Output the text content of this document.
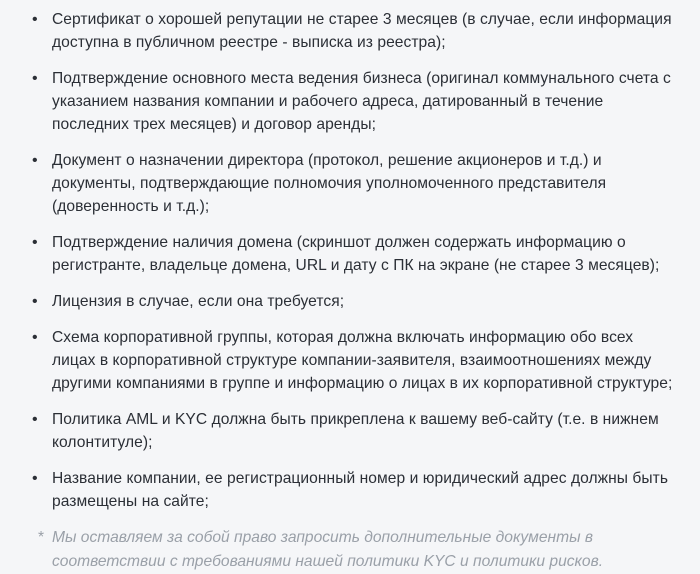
• Сертификат о хорошей репутации не старее 3 месяцев (в случае, если информация доступна в публичном реестре - выписка из реестра);
• Подтверждение основного места ведения бизнеса (оригинал коммунального счета с указанием названия компании и рабочего адреса, датированный в течение последних трех месяцев) и договор аренды;
• Документ о назначении директора (протокол, решение акционеров и т.д.) и документы, подтверждающие полномочия уполномоченного представителя (доверенность и т.д.);
• Подтверждение наличия домена (скриншот должен содержать информацию о регистранте, владельце домена, URL и дату с ПК на экране (не старее 3 месяцев);
• Лицензия в случае, если она требуется;
• Схема корпоративной группы, которая должна включать информацию обо всех лицах в корпоративной структуре компании-заявителя, взаимоотношениях между другими компаниями в группе и информацию о лицах в их корпоративной структуре;
• Политика AML и KYC должна быть прикреплена к вашему веб-сайту (т.е. в нижнем колонтитуле);
• Название компании, ее регистрационный номер и юридический адрес должны быть размещены на сайте;
* Мы оставляем за собой право запросить дополнительные документы в соответствии с требованиями нашей политики KYC и политики рисков.
